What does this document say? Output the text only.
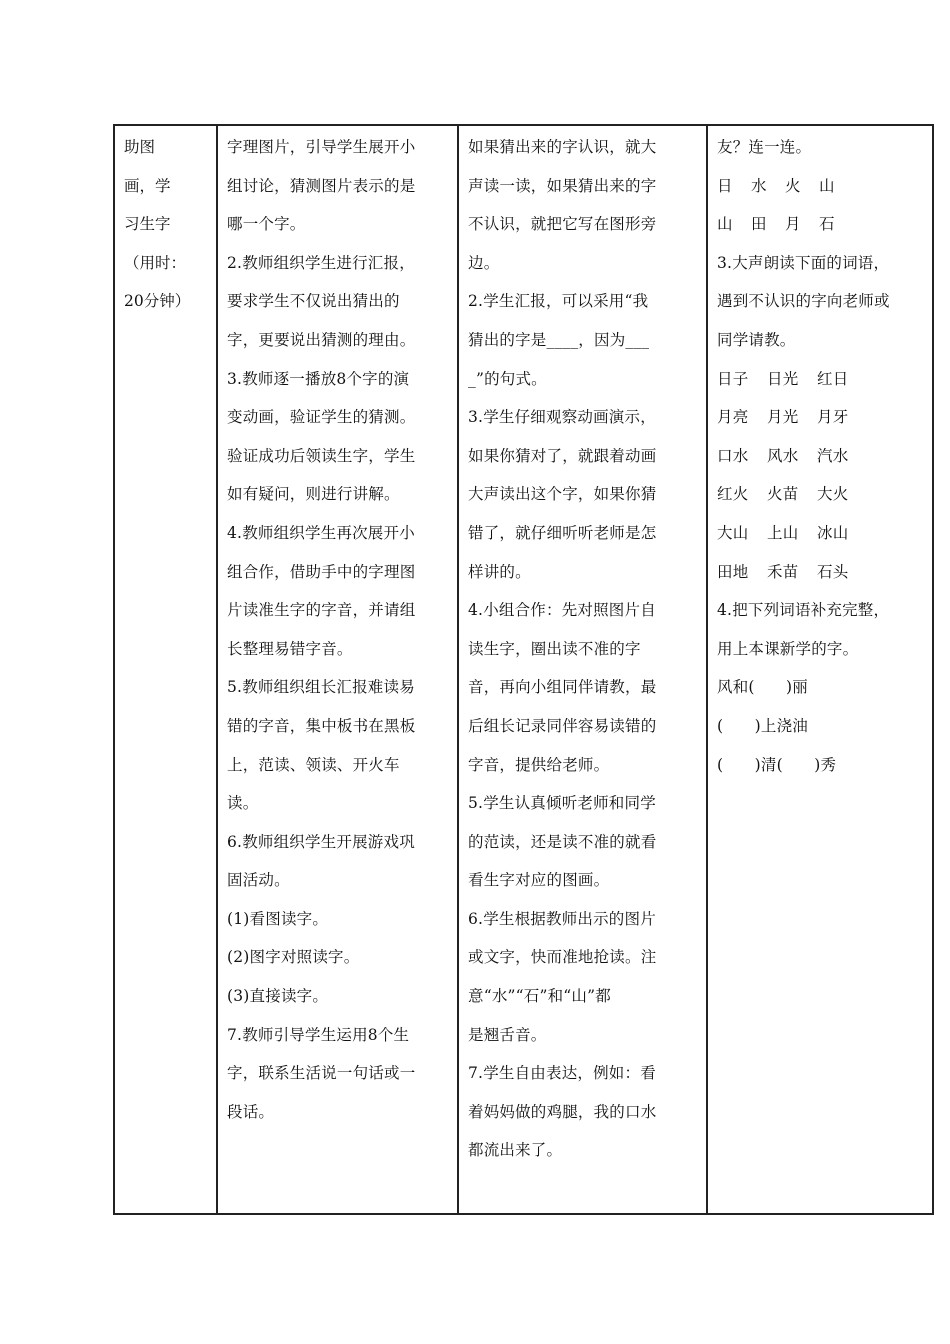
助图
画，学
习生字
（用时：
20分钟）

字理图片，引导学生展开小
组讨论，猜测图片表示的是
哪一个字。
2.教师组织学生进行汇报，
要求学生不仅说出猜出的
字，更要说出猜测的理由。
3.教师逐一播放8个字的演
变动画，验证学生的猜测。
验证成功后领读生字，学生
如有疑问，则进行讲解。
4.教师组织学生再次展开小
组合作，借助手中的字理图
片读准生字的字音，并请组
长整理易错字音。
5.教师组织组长汇报难读易
错的字音，集中板书在黑板
上，范读、领读、开火车
读。
6.教师组织学生开展游戏巩
固活动。
(1)看图读字。
(2)图字对照读字。
(3)直接读字。
7.教师引导学生运用8个生
字，联系生活说一句话或一
段话。

如果猜出来的字认识，就大
声读一读，如果猜出来的字
不认识，就把它写在图形旁
边。
2.学生汇报，可以采用“我
猜出的字是____，因为___
_”的句式。
3.学生仔细观察动画演示，
如果你猜对了，就跟着动画
大声读出这个字，如果你猜
错了，就仔细听听老师是怎
样讲的。
4.小组合作：先对照图片自
读生字，圈出读不准的字
音，再向小组同伴请教，最
后组长记录同伴容易读错的
字音，提供给老师。
5.学生认真倾听老师和同学
的范读，还是读不准的就看
看生字对应的图画。
6.学生根据教师出示的图片
或文字，快而准地抢读。注
意“水”“石”和“山”都
是翘舌音。
7.学生自由表达，例如：看
着妈妈做的鸡腿，我的口水
都流出来了。

友？连一连。
日 水 火 山
山 田 月 石
3.大声朗读下面的词语，
遇到不认识的字向老师或
同学请教。
日子 日光 红日
月亮 月光 月牙
口水 风水 汽水
红火 火苗 大火
大山 上山 冰山
田地 禾苗 石头
4.把下列词语补充完整，
用上本课新学的字。
风和(　　)丽
(　　)上浇油
(　　)清(　　)秀
